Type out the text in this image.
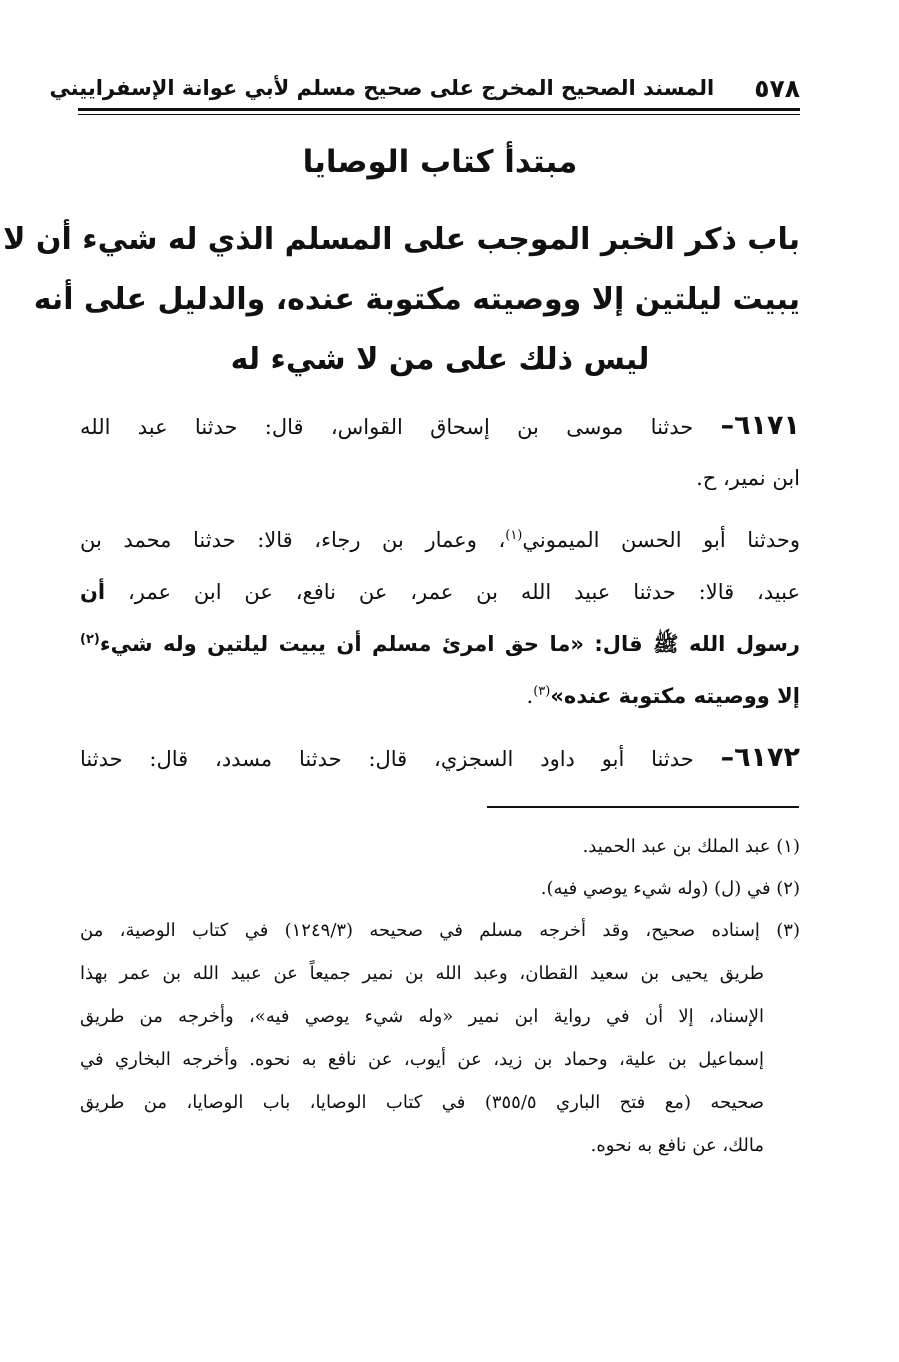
٥٧٨
المسند الصحيح المخرج على صحيح مسلم لأبي عوانة الإسفراييني
مبتدأ كتاب الوصايا
باب ذكر الخبر الموجب على المسلم الذي له شيء أن لا
يبيت ليلتين إلا ووصيته مكتوبة عنده، والدليل على أنه
ليس ذلك على من لا شيء له
٦١٧١– حدثنا موسى بن إسحاق القواس، قال: حدثنا عبد الله
ابن نمير، ح.
وحدثنا أبو الحسن الميموني$^{(١)}$، وعمار بن رجاء، قالا: حدثنا محمد بن
عبيد، قالا: حدثنا عبيد الله بن عمر، عن نافع، عن ابن عمر، أن
رسول الله ﷺ قال: «ما حق امرئ مسلم أن يبيت ليلتين وله شيء$^{(٢)}$
إلا ووصيته مكتوبة عنده»$^{(٣)}$.
٦١٧٢– حدثنا أبو داود السجزي، قال: حدثنا مسدد، قال: حدثنا
(١) عبد الملك بن عبد الحميد.
(٢) في (ل) (وله شيء يوصي فيه).
(٣) إسناده صحيح، وقد أخرجه مسلم في صحيحه (١٢٤٩/٣) في كتاب الوصية، من
طريق يحيى بن سعيد القطان، وعبد الله بن نمير جميعاً عن عبيد الله بن عمر بهذا
الإسناد، إلا أن في رواية ابن نمير «وله شيء يوصي فيه»، وأخرجه من طريق
إسماعيل بن علية، وحماد بن زيد، عن أيوب، عن نافع به نحوه. وأخرجه البخاري في
صحيحه (مع فتح الباري ٣٥٥/٥) في كتاب الوصايا، باب الوصايا، من طريق
مالك، عن نافع به نحوه.
